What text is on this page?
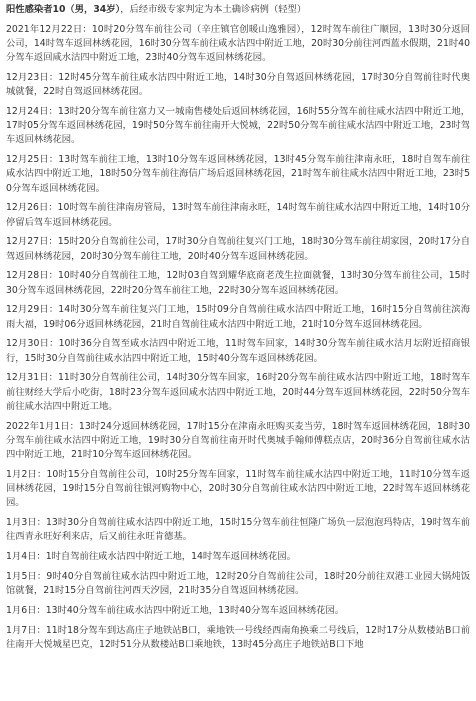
阳性感染者10（男，34岁），后经市级专家判定为本土确诊病例（轻型）

2021年12月22日：10时20分驾车前往公司（辛庄镇官创暖山逸雅园），12时驾车前往广顺园，13时30分返回公司，14时驾车返回林绣花园，16时30分驾车前往咸水沽四中附近工地，20时30分前往河西蓝水假期，21时40分驾车返回咸水沽四中附近工地，23时40分驾车返回林绣花园。

12月23日：12时45分驾车前往咸水沽四中附近工地，14时30分自驾返回林绣花园，17时30分自驾前往时代奥城就餐，22时自驾返回林绣花园。

12月24日：13时20分驾车前往富力又一城南售楼处后返回林绣花园，16时55分驾车前往咸水沽四中附近工地，17时05分驾车返回林绣花园，19时50分驾车前往南开大悦城，22时50分驾车前往咸水沽四中附近工地，23时驾车返回林绣花园。

12月25日：13时驾车前往工地，13时10分驾车返回林绣花园，13时45分驾车前往津南永旺，18时自驾车前往咸水沽四中附近工地，18时50分驾车前往海信广场后返回林绣花园，21时驾车前往咸水沽四中附近工地，23时50分驾车返回林绣花园。

12月26日：10时驾车前往津南房管局，13时驾车前往津南永旺，14时驾车前往咸水沽四中附近工地，14时10分停留后驾车返回林绣花园。

12月27日：15时20分自驾前往公司，17时30分自驾前往复兴门工地，18时30分驾车前往胡家园，20时17分自驾返回林绣花园，20时30分驾车前往工地，20时40分驾车返回林绣花园。

12月28日：10时40分自驾前往工地，12时03自驾到耀华底商老茂生拉面就餐，13时30分驾车前往公司，15时30分驾车返回林绣花园，22时20分驾车前往工地，22时30分驾车返回林绣花园。

12月29日：14时30分驾车前往复兴门工地，15时09分自驾前往咸水沽四中附近工地，16时15分自驾前往滨海雨大福，19时06分返回林绣花园，21时自驾前往咸水沽四中附近工地，21时10分驾车返回林绣花园。

12月30日：10时36分自驾至咸水沽四中附近工地，11时驾车回家，14时30分驾车前往咸水沽月坛附近招商银行，15时30分自驾前往咸水沽四中附近工地，15时40分驾车返回林绣花园。

12月31日：11时30分自驾前往公司，14时30分驾车回家，16时20分驾车前往咸水沽四中附近工地，18时驾车前往财经大学后小吃街，18时23分驾车返回咸水沽四中附近工地，20时44分驾车返回林绣花园，22时50分驾车前往咸水沽四中附近工地。

2022年1月1日：13时24分返回林绣花园，17时15分在津南永旺购买麦当劳，18时驾车返回林绣花园，18时30分驾车前往咸水沽四中附近工地，19时30分自驾前往南开时代奥城手翰师傅糕点店，20时36分自驾前往咸水沽四中附近工地，21时10分驾车返回林绣花园。

1月2日：10时15分自驾前往公司，10时25分驾车回家，11时驾车前往咸水沽四中附近工地，11时10分驾车返回林绣花园，19时15分自驾前往银河购物中心，20时30分自驾前往咸水沽四中附近工地，22时驾车返回林绣花园。

1月3日：13时30分自驾前往咸水沽四中附近工地，15时15分驾车前往恒隆广场负一层泡泡玛特店，19时驾车前往西青永旺好利来店，后又前往永旺肯德基。

1月4日：1时自驾前往咸水沽四中附近工地，14时驾车返回林绣花园。

1月5日：9时40分自驾前往咸水沽四中附近工地，12时20分自驾前往公司，18时20分前往双港工业园大锅炖饭馆就餐，21时15分自驾前往河西天汐园，21时35分自驾返回林绣花园。

1月6日：13时40分驾车前往咸水沽四中附近工地，13时40分驾车返回林绣花园。

1月7日：11时18分驾车到达高庄子地铁站B口，乘地铁一号线经西南角换乘二号线后，12时17分从数楼站B口前往南开大悦城星巴克，12时51分从数楼站B口乘地铁，13时45分高庄子地铁站B口下地
